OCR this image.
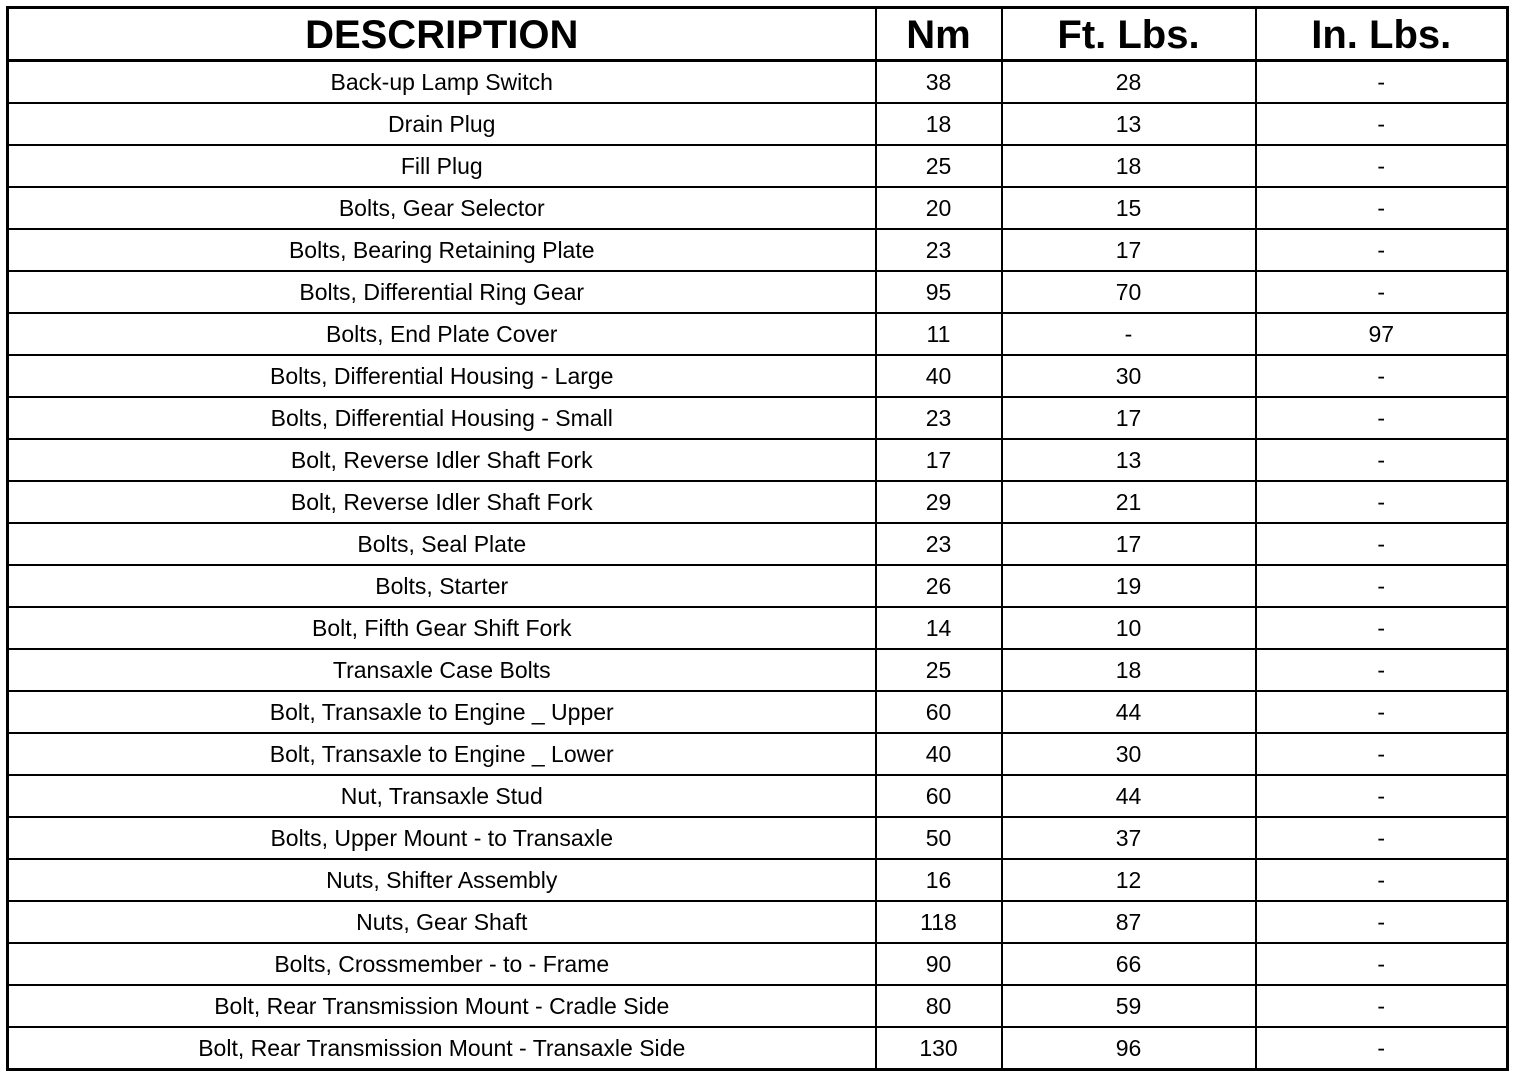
DESCRIPTION	Nm	Ft. Lbs.	In. Lbs.
Back-up Lamp Switch	38	28	-
Drain Plug	18	13	-
Fill Plug	25	18	-
Bolts, Gear Selector	20	15	-
Bolts, Bearing Retaining Plate	23	17	-
Bolts, Differential Ring Gear	95	70	-
Bolts, End Plate Cover	11	-	97
Bolts, Differential Housing - Large	40	30	-
Bolts, Differential Housing - Small	23	17	-
Bolt, Reverse Idler Shaft Fork	17	13	-
Bolt, Reverse Idler Shaft Fork	29	21	-
Bolts, Seal Plate	23	17	-
Bolts, Starter	26	19	-
Bolt, Fifth Gear Shift Fork	14	10	-
Transaxle Case Bolts	25	18	-
Bolt, Transaxle to Engine _ Upper	60	44	-
Bolt, Transaxle to Engine _ Lower	40	30	-
Nut, Transaxle Stud	60	44	-
Bolts, Upper Mount - to Transaxle	50	37	-
Nuts, Shifter Assembly	16	12	-
Nuts, Gear Shaft	118	87	-
Bolts, Crossmember - to - Frame	90	66	-
Bolt, Rear Transmission Mount - Cradle Side	80	59	-
Bolt, Rear Transmission Mount - Transaxle Side	130	96	-
